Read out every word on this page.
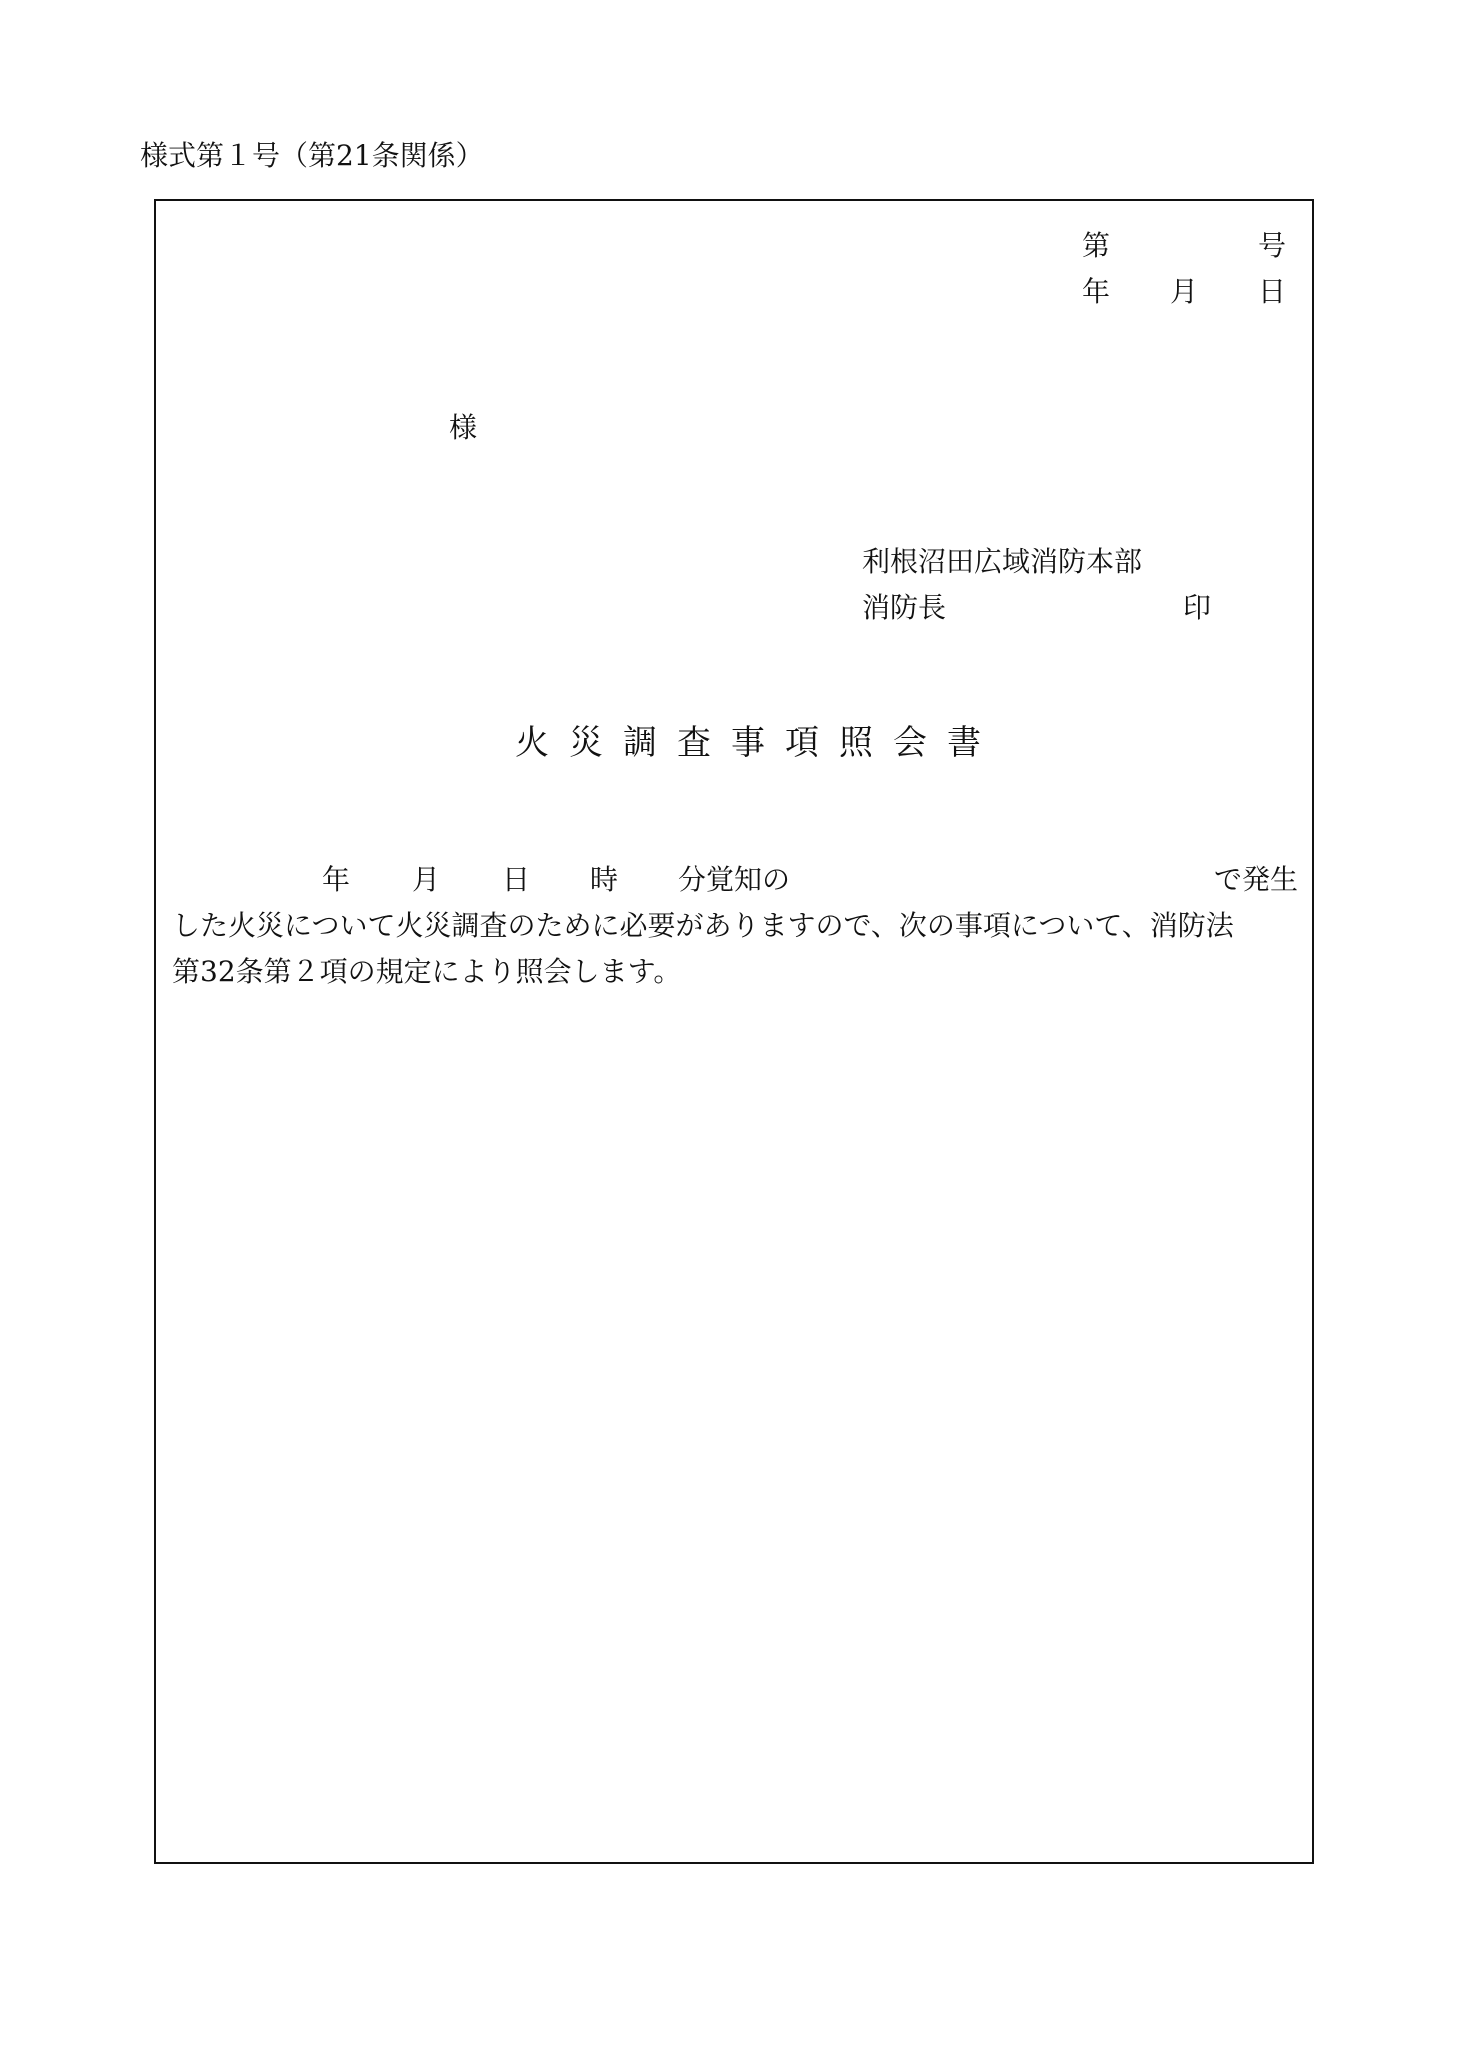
様式第１号（第21条関係）
第	号
年 月 日
様
利根沼田広域消防本部
消防長	印
火災調査事項照会書
年 月 日 時 分覚知の	で発生
した火災について火災調査のために必要がありますので、次の事項について、消防法
第32条第２項の規定により照会します。
